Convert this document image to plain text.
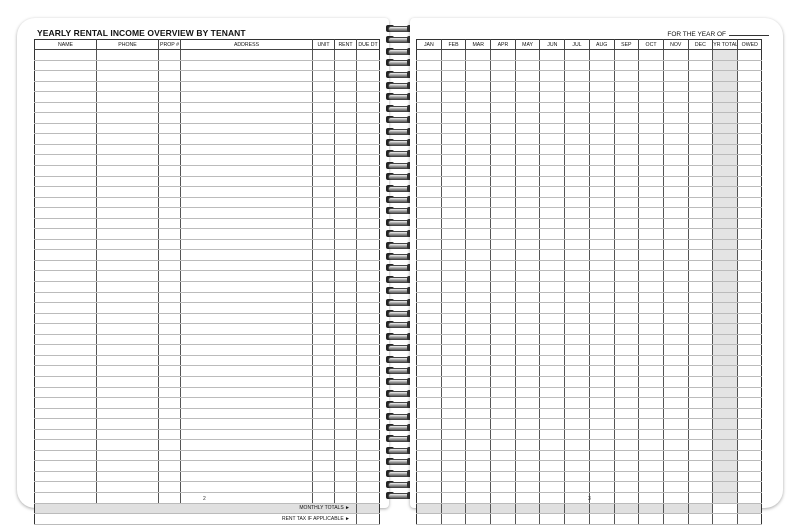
YEARLY RENTAL INCOME OVERVIEW BY TENANT
NAME	PHONE	PROP #	ADDRESS	UNIT	RENT	DUE DT

MONTHLY TOTALS ►						
RENT TAX IF APPLICABLE ►						
2
FOR THE YEAR OF
JAN	FEB	MAR	APR	MAY	JUN	JUL	AUG	SEP	OCT	NOV	DEC	YR TOTAL	OWED

3
